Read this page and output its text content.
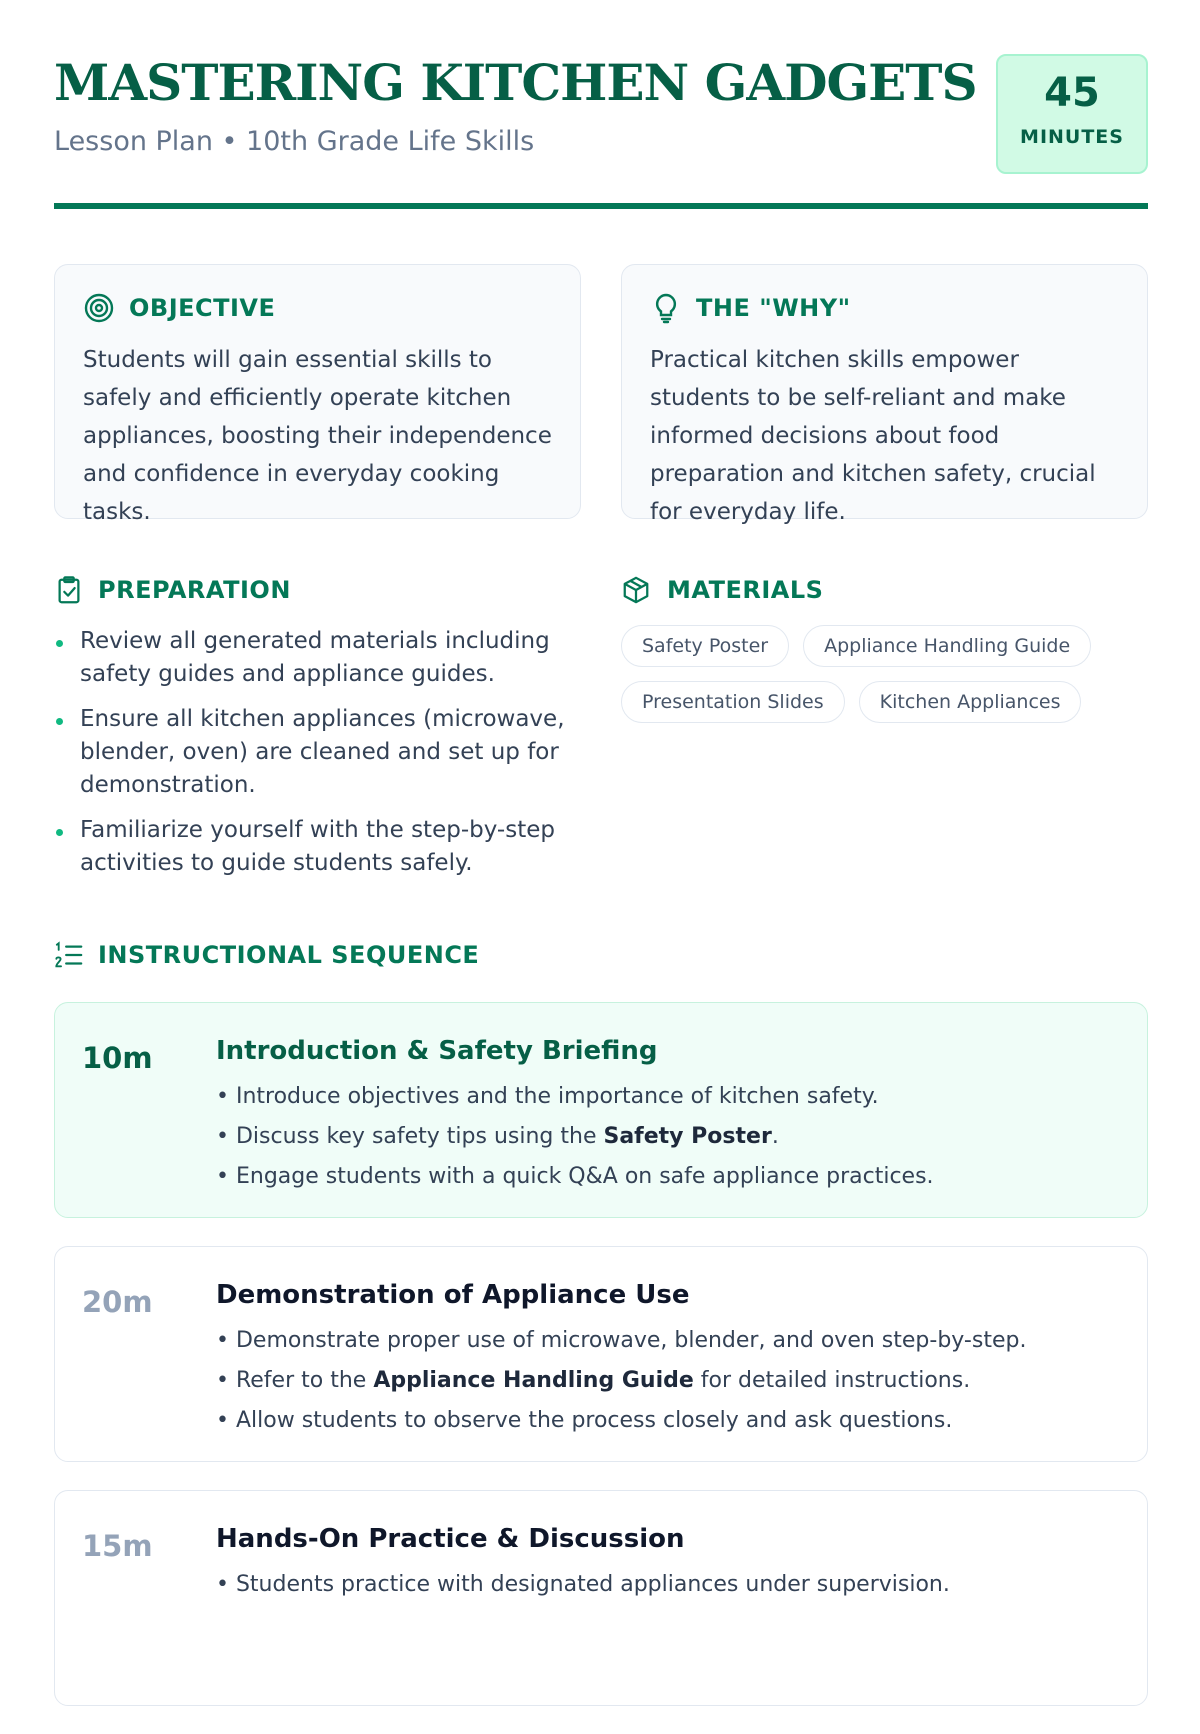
MASTERING KITCHEN GADGETS
Lesson Plan • 10th Grade Life Skills
45
MINUTES
OBJECTIVE
Students will gain essential skills to safely and efficiently operate kitchen appliances, boosting their independence and confidence in everyday cooking tasks.
THE "WHY"
Practical kitchen skills empower students to be self-reliant and make informed decisions about food preparation and kitchen safety, crucial for everyday life.
PREPARATION
Review all generated materials including safety guides and appliance guides.
Ensure all kitchen appliances (microwave, blender, oven) are cleaned and set up for demonstration.
Familiarize yourself with the step-by-step activities to guide students safely.
MATERIALS
Safety Poster	Appliance Handling Guide
Presentation Slides	Kitchen Appliances
INSTRUCTIONAL SEQUENCE
10m Introduction & Safety Briefing
• Introduce objectives and the importance of kitchen safety.
• Discuss key safety tips using the Safety Poster.
• Engage students with a quick Q&A on safe appliance practices.
20m Demonstration of Appliance Use
• Demonstrate proper use of microwave, blender, and oven step-by-step.
• Refer to the Appliance Handling Guide for detailed instructions.
• Allow students to observe the process closely and ask questions.
15m Hands-On Practice & Discussion
• Students practice with designated appliances under supervision.
